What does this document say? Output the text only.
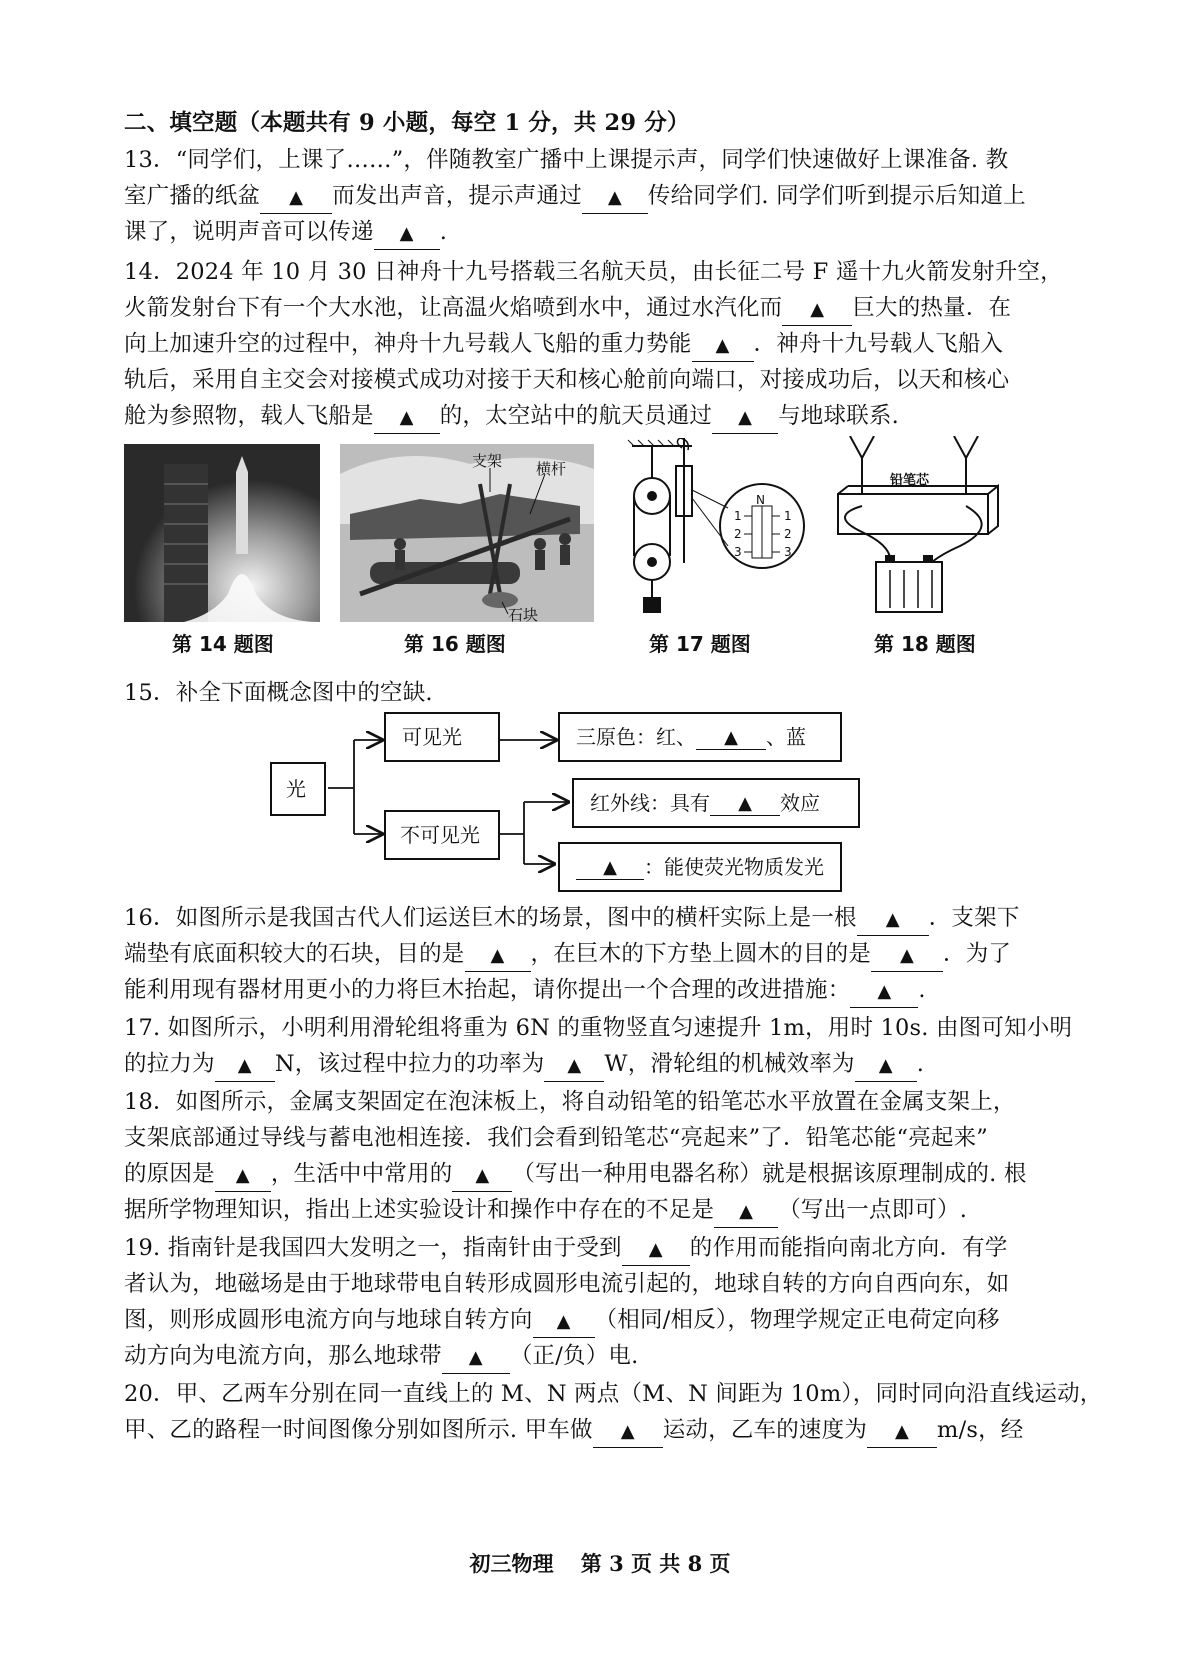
二、填空题（本题共有 9 小题，每空 1 分，共 29 分）
13．“同学们，上课了……”，伴随教室广播中上课提示声，同学们快速做好上课准备. 教
室广播的纸盆 ▲	而发出声音，提示声通过 ▲	传给同学们. 同学们听到提示后知道上
课了，说明声音可以传递 ▲	.
14．2024 年 10 月 30 日神舟十九号搭载三名航天员，由长征二号 F 遥十九火箭发射升空，
火箭发射台下有一个大水池，让高温火焰喷到水中，通过水汽化而 ▲	巨大的热量．在
向上加速升空的过程中，神舟十九号载人飞船的重力势能 ▲	．神舟十九号载人飞船入
轨后，采用自主交会对接模式成功对接于天和核心舱前向端口，对接成功后，以天和核心
舱为参照物，载人飞船是 ▲	的，太空站中的航天员通过 ▲	与地球联系.
第 14 题图
支架 横杆
石块
第 16 题图
N
1
2
3
1
2
3
第 17 题图
铅笔芯
第 18 题图
15．补全下面概念图中的空缺.
光
可见光
不可见光
三原色：红、 ▲	、蓝
红外线：具有 ▲	效应
▲
：能使荧光物质发光
16．如图所示是我国古代人们运送巨木的场景，图中的横杆实际上是一根 ▲	．支架下
端垫有底面积较大的石块，目的是 ▲	，在巨木的下方垫上圆木的目的是 ▲	．为了
能利用现有器材用更小的力将巨木抬起，请你提出一个合理的改进措施： ▲	.
17. 如图所示，小明利用滑轮组将重为 6N 的重物竖直匀速提升 1m，用时 10s. 由图可知小明
的拉力为 ▲	N，该过程中拉力的功率为 ▲	W，滑轮组的机械效率为 ▲	.
18．如图所示，金属支架固定在泡沫板上，将自动铅笔的铅笔芯水平放置在金属支架上，
支架底部通过导线与蓄电池相连接．我们会看到铅笔芯“亮起来”了．铅笔芯能“亮起来”
的原因是 ▲ ，生活中中常用的 ▲	（写出一种用电器名称）就是根据该原理制成的. 根
据所学物理知识，指出上述实验设计和操作中存在的不足是 ▲	（写出一点即可）.
19. 指南针是我国四大发明之一，指南针由于受到 ▲	的作用而能指向南北方向．有学
者认为，地磁场是由于地球带电自转形成圆形电流引起的，地球自转的方向自西向东，如
图，则形成圆形电流方向与地球自转方向 ▲	（相同/相反），物理学规定正电荷定向移
动方向为电流方向，那么地球带 ▲	（正/负）电.
20．甲、乙两车分别在同一直线上的 M、N 两点（M、N 间距为 10m），同时同向沿直线运动，
甲、乙的路程一时间图像分别如图所示. 甲车做 ▲	运动，乙车的速度为 ▲	m/s，经
初三物理 第 3 页 共 8 页
